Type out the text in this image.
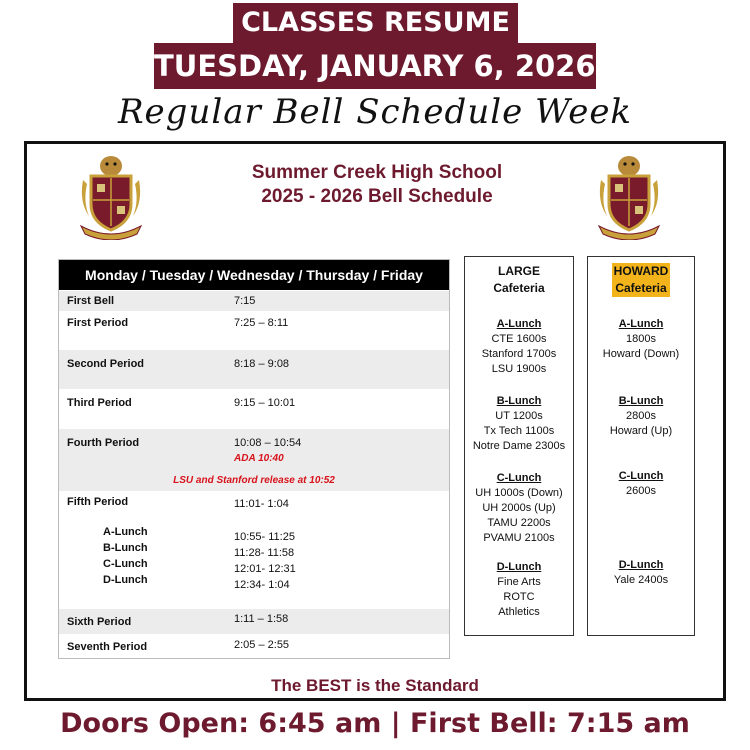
CLASSES RESUME
TUESDAY, JANUARY 6, 2026!
Regular Bell Schedule Week
Summer Creek High School
2025 - 2026 Bell Schedule
Monday / Tuesday / Wednesday / Thursday / Friday
First Bell	7:15
First Period	7:25 – 8:11
Second Period	8:18 – 9:08
Third Period	9:15 – 10:01
Fourth Period	10:08 – 10:54
ADA 10:40
LSU and Stanford release at 10:52
Fifth Period	11:01- 1:04
A-Lunch	10:55- 11:25
B-Lunch	11:28- 11:58
C-Lunch	12:01- 12:31
D-Lunch	12:34- 1:04
Sixth Period	1:11 – 1:58
Seventh Period	2:05 – 2:55
LARGE
Cafeteria
A-Lunch
CTE 1600s
Stanford 1700s
LSU 1900s
B-Lunch
UT 1200s
Tx Tech 1100s
Notre Dame 2300s
C-Lunch
UH 1000s (Down)
UH 2000s (Up)
TAMU 2200s
PVAMU 2100s
D-Lunch
Fine Arts
ROTC
Athletics
HOWARD
Cafeteria
A-Lunch
1800s
Howard (Down)
B-Lunch
2800s
Howard (Up)
C-Lunch
2600s
D-Lunch
Yale 2400s
The BEST is the Standard
Doors Open: 6:45 am | First Bell: 7:15 am
